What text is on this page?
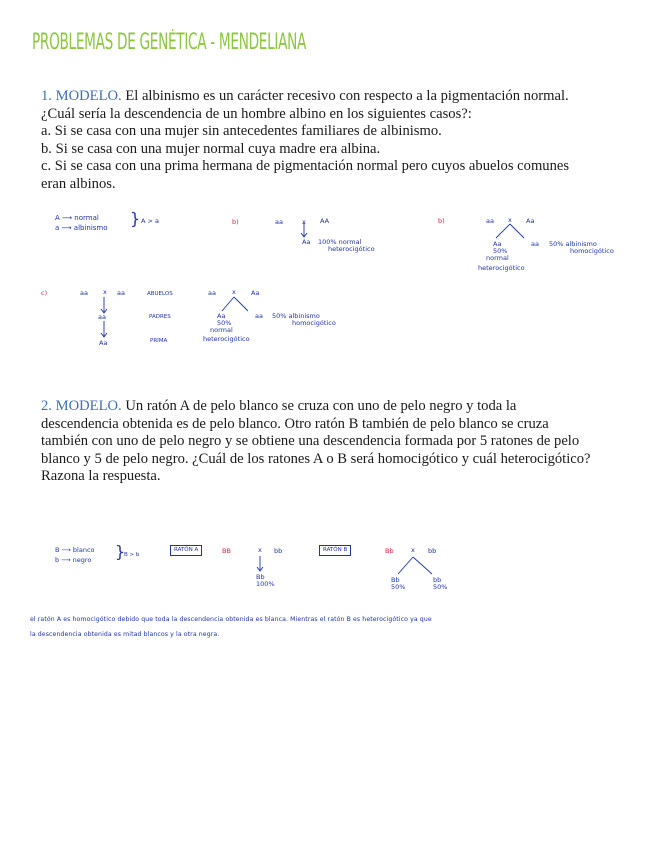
PROBLEMAS DE GENÉTICA - MENDELIANA
1. MODELO. El albinismo es un carácter recesivo con respecto a la pigmentación normal.
¿Cuál sería la descendencia de un hombre albino en los siguientes casos?:
a. Si se casa con una mujer sin antecedentes familiares de albinismo.
b. Si se casa con una mujer normal cuya madre era albina.
c. Si se casa con una prima hermana de pigmentación normal pero cuyos abuelos comunes
eran albinos.
A ⟶ normal
a ⟶ albinismo } A > a	b)	aa	x AA
Aa 100% normal
heterocigótico
b)	aa x Aa
Aa
50%
normal
heterocigótico
aa 50% albinismo
homocigótico
c)	aa x aa	ABUELOS
aa	PADRES
Aa	PRIMA
aa x Aa
Aa
50%
normal
heterocigótico
aa 50% albinismo
homocigótico
2. MODELO. Un ratón A de pelo blanco se cruza con uno de pelo negro y toda la
descendencia obtenida es de pelo blanco. Otro ratón B también de pelo blanco se cruza
también con uno de pelo negro y se obtiene una descendencia formada por 5 ratones de pelo
blanco y 5 de pelo negro. ¿Cuál de los ratones A o B será homocigótico y cuál heterocigótico?
Razona la respuesta.
B ⟶ blanco
b ⟶ negro }
B > b
RATÓN A	BB	x bb
Bb
100%
RATÓN B	Bb	x bb
Bb
50%
bb
50%
el ratón A es homocigótico debido que toda la descendencia obtenida es blanca. Mientras el ratón B es heterocigótico ya que
la descendencia obtenida es mitad blancos y la otra negra.
